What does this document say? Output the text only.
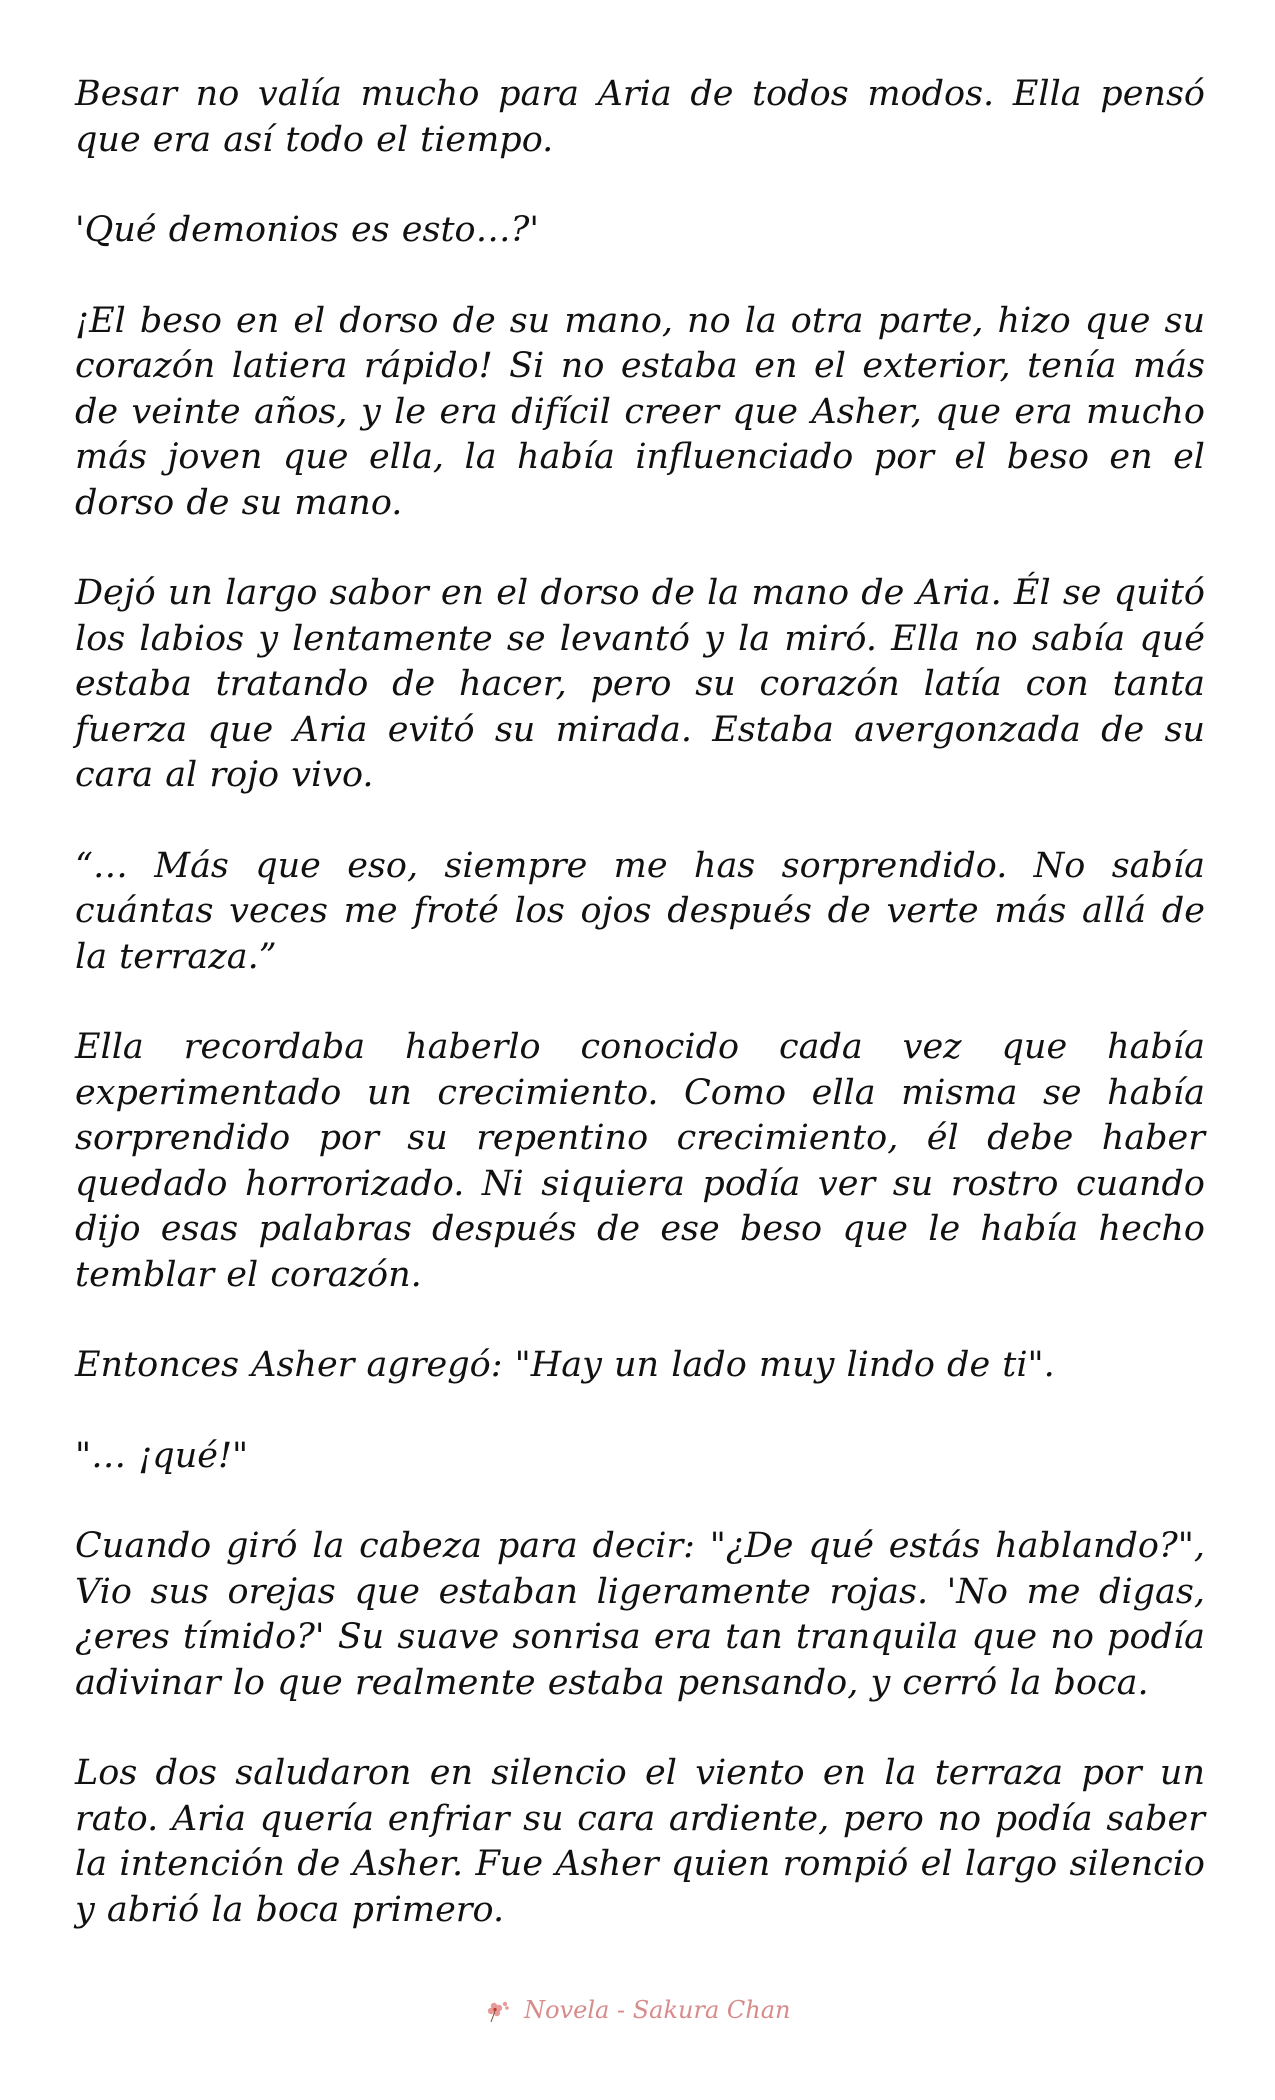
Besar no valía mucho para Aria de todos modos. Ella pensó que era así todo el tiempo.

'Qué demonios es esto…?'

¡El beso en el dorso de su mano, no la otra parte, hizo que su corazón latiera rápido! Si no estaba en el exterior, tenía más de veinte años, y le era difícil creer que Asher, que era mucho más joven que ella, la había influenciado por el beso en el dorso de su mano.

Dejó un largo sabor en el dorso de la mano de Aria. Él se quitó los labios y lentamente se levantó y la miró. Ella no sabía qué estaba tratando de hacer, pero su corazón latía con tanta fuerza que Aria evitó su mirada. Estaba avergonzada de su cara al rojo vivo.

“… Más que eso, siempre me has sorprendido. No sabía cuántas veces me froté los ojos después de verte más allá de la terraza.”

Ella recordaba haberlo conocido cada vez que había experimentado un crecimiento. Como ella misma se había sorprendido por su repentino crecimiento, él debe haber quedado horrorizado. Ni siquiera podía ver su rostro cuando dijo esas palabras después de ese beso que le había hecho temblar el corazón.

Entonces Asher agregó: "Hay un lado muy lindo de ti".

"… ¡qué!"

Cuando giró la cabeza para decir: "¿De qué estás hablando?", Vio sus orejas que estaban ligeramente rojas. 'No me digas, ¿eres tímido?' Su suave sonrisa era tan tranquila que no podía adivinar lo que realmente estaba pensando, y cerró la boca.

Los dos saludaron en silencio el viento en la terraza por un rato. Aria quería enfriar su cara ardiente, pero no podía saber la intención de Asher. Fue Asher quien rompió el largo silencio y abrió la boca primero.

Novela - Sakura Chan
